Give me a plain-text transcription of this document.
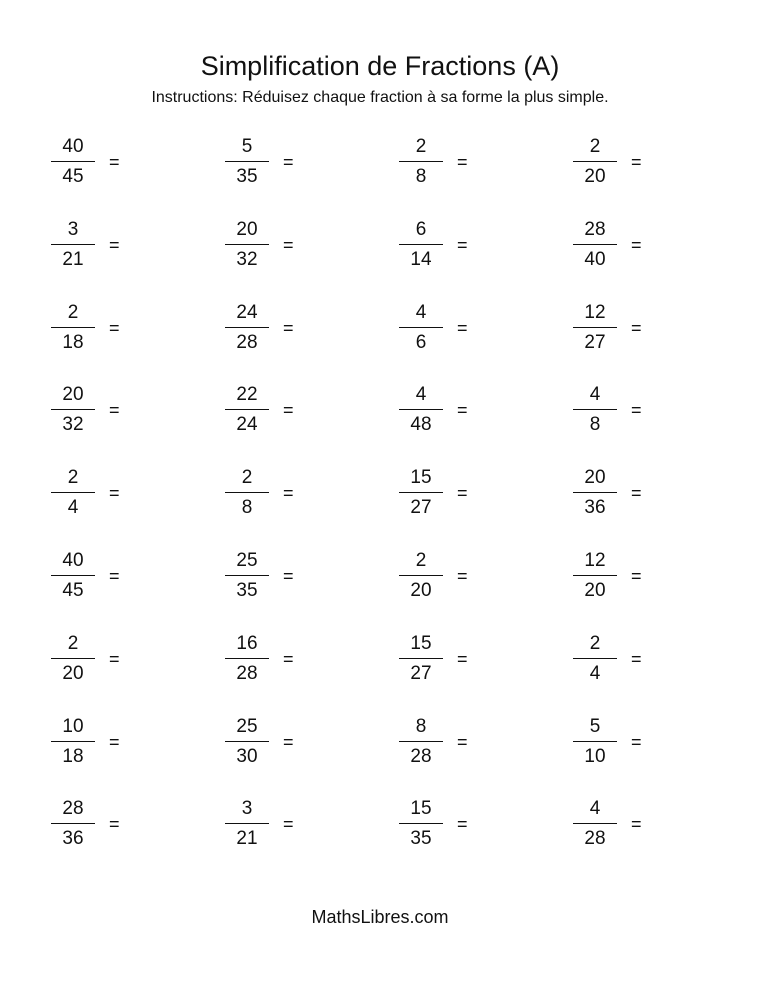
Simplification de Fractions (A)
Instructions: Réduisez chaque fraction à sa forme la plus simple.
40
45
=
5
35
=
2
8
=
2
20
=
3
21
=
20
32
=
6
14
=
28
40
=
2
18
=
24
28
=
4
6
=
12
27
=
20
32
=
22
24
=
4
48
=
4
8
=
2
4
=
2
8
=
15
27
=
20
36
=
40
45
=
25
35
=
2
20
=
12
20
=
2
20
=
16
28
=
15
27
=
2
4
=
10
18
=
25
30
=
8
28
=
5
10
=
28
36
=
3
21
=
15
35
=
4
28
=
MathsLibres.com
